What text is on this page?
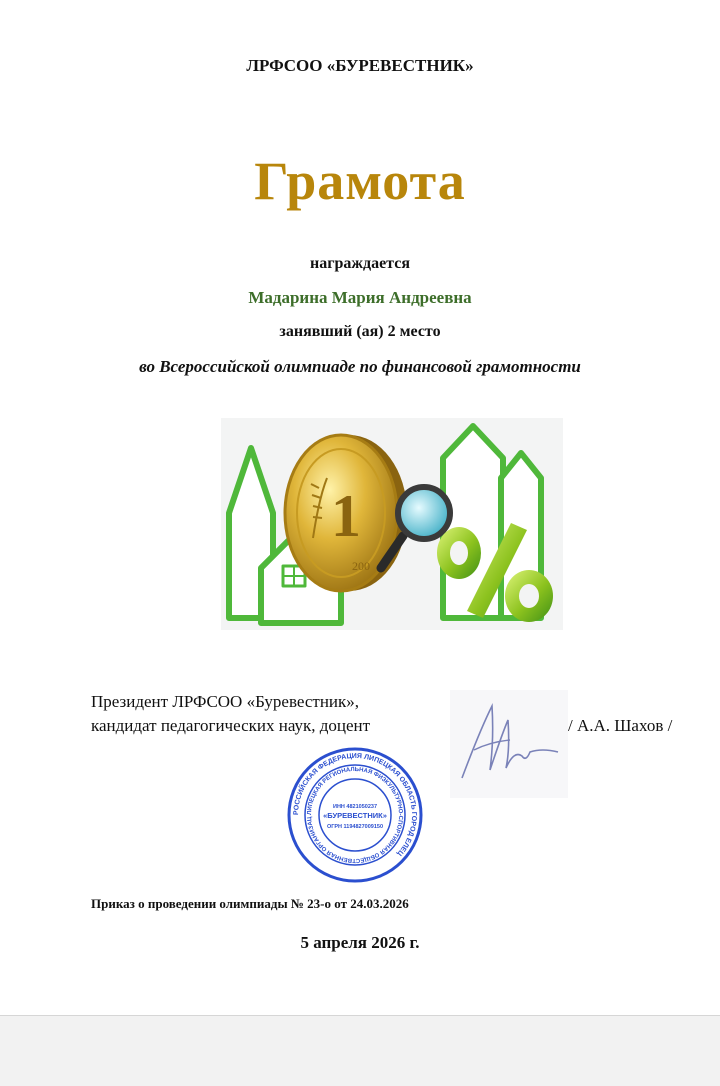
ЛРФСОО «БУРЕВЕСТНИК»
Грамота
награждается
Мадарина Мария Андреевна
занявший (ая) 2 место
во Всероссийской олимпиаде по финансовой грамотности
1
200
Президент ЛРФСОО «Буревестник»,
кандидат педагогических наук, доцент	/ А.А. Шахов /
РОССИЙСКАЯ ФЕДЕРАЦИЯ ЛИПЕЦКАЯ ОБЛАСТЬ ГОРОД ЕЛЕЦ
ЛИПЕЦКАЯ РЕГИОНАЛЬНАЯ ФИЗКУЛЬТУРНО-СПОРТИВНАЯ ОБЩЕСТВЕННАЯ ОРГАНИЗАЦ
ИНН 4821050237
«БУРЕВЕСТНИК»
ОГРН 1194827009150
Приказ о проведении олимпиады № 23-о от 24.03.2026
5 апреля 2026 г.
